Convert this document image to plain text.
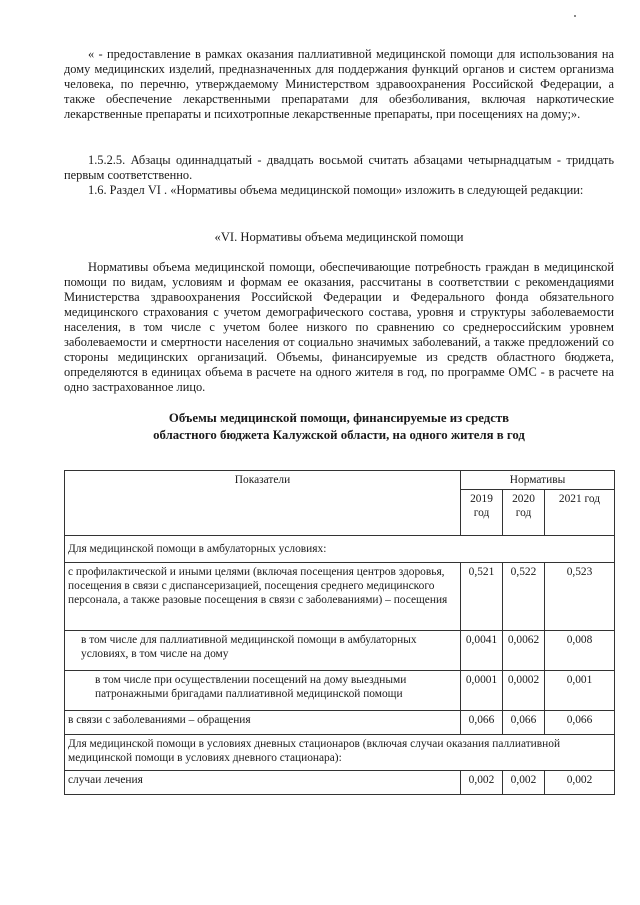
« - предоставление в рамках оказания паллиативной медицинской помощи для использования на дому медицинских изделий, предназначенных для поддержания функций органов и систем организма человека, по перечню, утверждаемому Министерством здравоохранения Российской Федерации, а также обеспечение лекарственными препаратами для обезболивания, включая наркотические лекарственные препараты и психотропные лекарственные препараты, при посещениях на дому;».

1.5.2.5. Абзацы одиннадцатый - двадцать восьмой считать абзацами четырнадцатым - тридцать первым соответственно.

1.6. Раздел VI . «Нормативы объема медицинской помощи» изложить в следующей редакции:

«VI. Нормативы объема медицинской помощи

Нормативы объема медицинской помощи, обеспечивающие потребность граждан в медицинской помощи по видам, условиям и формам ее оказания, рассчитаны в соответствии с рекомендациями Министерства здравоохранения Российской Федерации и Федерального фонда обязательного медицинского страхования с учетом демографического состава, уровня и структуры заболеваемости населения, в том числе с учетом более низкого по сравнению со среднероссийским уровнем заболеваемости и смертности населения от социально значимых заболеваний, а также предложений со стороны медицинских организаций. Объемы, финансируемые из средств областного бюджета, определяются в единицах объема в расчете на одного жителя в год, по программе ОМС - в расчете на одно застрахованное лицо.

Объемы медицинской помощи, финансируемые из средств

областного бюджета Калужской области, на одного жителя в год

Показатели	Нормативы		
	2019 год	2020 год	2021 год
Для медицинской помощи в амбулаторных условиях:			
с профилактической и иными целями (включая посещения центров здоровья, посещения в связи с диспансеризацией, посещения среднего медицинского персонала, а также разовые посещения в связи с заболеваниями) – посещения	0,521	0,522	0,523
в том числе для паллиативной медицинской помощи в амбулаторных условиях, в том числе на дому	0,0041	0,0062	0,008
в том числе при осуществлении посещений на дому выездными патронажными бригадами паллиативной медицинской помощи	0,0001	0,0002	0,001
в связи с заболеваниями – обращения	0,066	0,066	0,066
Для медицинской помощи в условиях дневных стационаров (включая случаи оказания паллиативной медицинской помощи в условиях дневного стационара):			
случаи лечения	0,002	0,002	0,002
